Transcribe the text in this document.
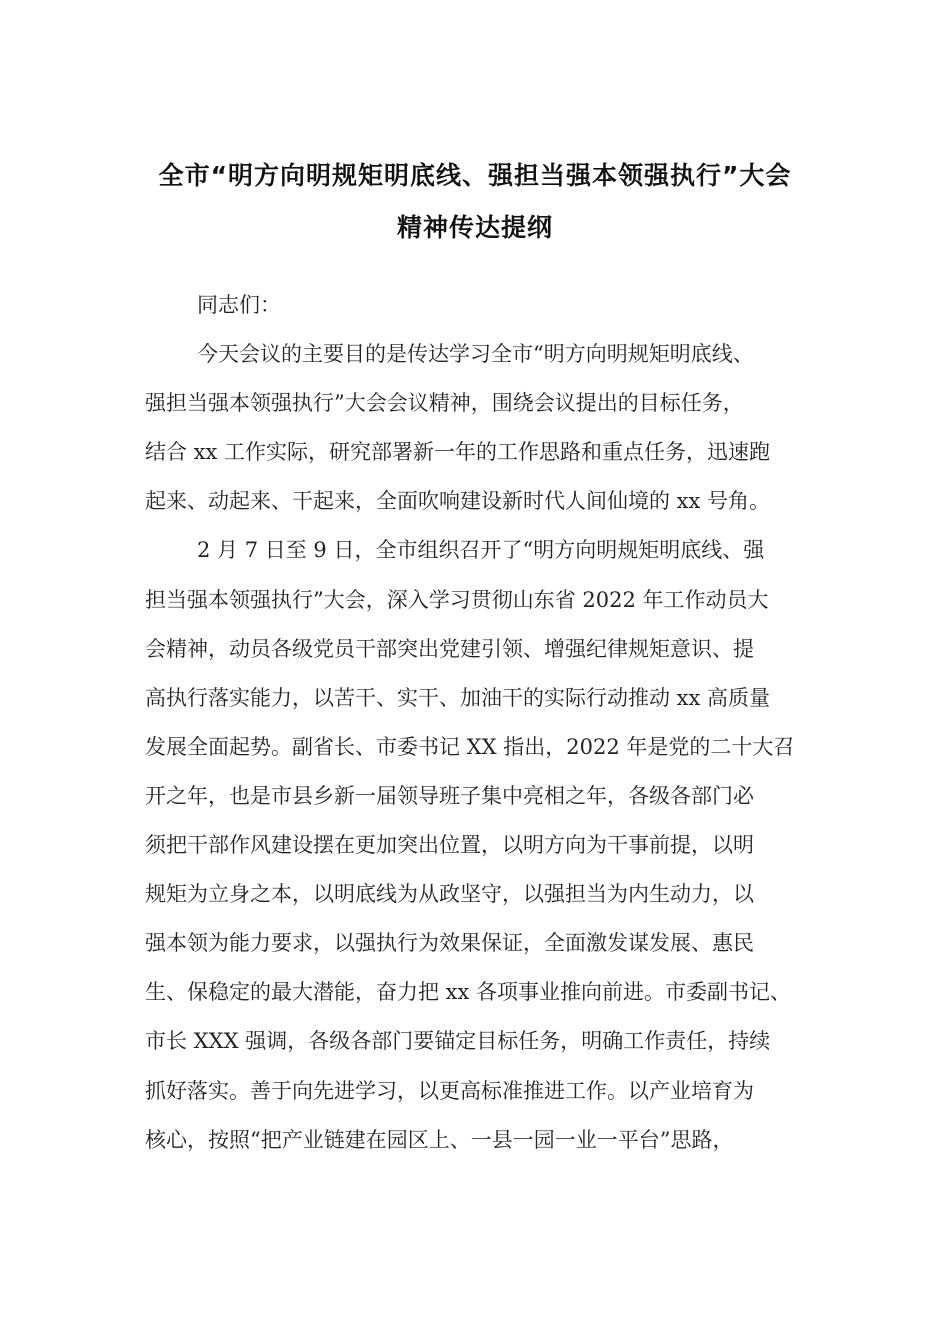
全市“明方向明规矩明底线、强担当强本领强执行”大会
精神传达提纲
同志们：
今天会议的主要目的是传达学习全市“明方向明规矩明底线、
强担当强本领强执行”大会会议精神，围绕会议提出的目标任务，
结合 xx 工作实际，研究部署新一年的工作思路和重点任务，迅速跑
起来、动起来、干起来，全面吹响建设新时代人间仙境的 xx 号角。
2 月 7 日至 9 日，全市组织召开了“明方向明规矩明底线、强
担当强本领强执行”大会，深入学习贯彻山东省 2022 年工作动员大
会精神，动员各级党员干部突出党建引领、增强纪律规矩意识、提
高执行落实能力，以苦干、实干、加油干的实际行动推动 xx 高质量
发展全面起势。副省长、市委书记 XX 指出，2022 年是党的二十大召
开之年，也是市县乡新一届领导班子集中亮相之年，各级各部门必
须把干部作风建设摆在更加突出位置，以明方向为干事前提，以明
规矩为立身之本，以明底线为从政坚守，以强担当为内生动力，以
强本领为能力要求，以强执行为效果保证，全面激发谋发展、惠民
生、保稳定的最大潜能，奋力把 xx 各项事业推向前进。市委副书记、
市长 XXX 强调，各级各部门要锚定目标任务，明确工作责任，持续
抓好落实。善于向先进学习，以更高标准推进工作。以产业培育为
核心，按照“把产业链建在园区上、一县一园一业一平台”思路，
